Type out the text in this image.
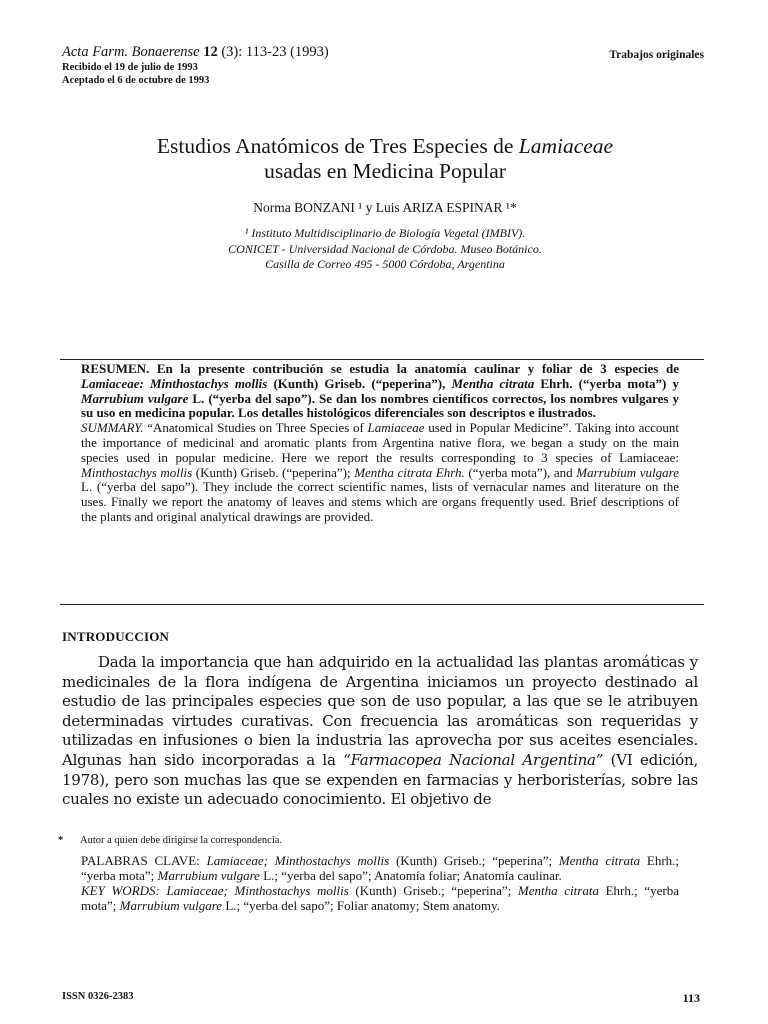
Acta Farm. Bonaerense 12 (3): 113-23 (1993)
Recibido el 19 de julio de 1993
Aceptado el 6 de octubre de 1993
Trabajos originales
Estudios Anatómicos de Tres Especies de Lamiaceae
usadas en Medicina Popular
Norma BONZANI ¹ y Luis ARIZA ESPINAR ¹*
¹ Instituto Multidisciplinario de Biología Vegetal (IMBIV).
CONICET - Universidad Nacional de Córdoba. Museo Botánico.
Casilla de Correo 495 - 5000 Córdoba, Argentina
RESUMEN. En la presente contribución se estudia la anatomía caulinar y foliar de 3 especies de Lamiaceae: Minthostachys mollis (Kunth) Griseb. (“peperina”), Mentha citrata Ehrh. (“yerba mota”) y Marrubium vulgare L. (“yerba del sapo”). Se dan los nombres científicos correctos, los nombres vulgares y su uso en medicina popular. Los detalles histológicos diferenciales son descriptos e ilustrados.
SUMMARY. “Anatomical Studies on Three Species of Lamiaceae used in Popular Medicine”. Taking into account the importance of medicinal and aromatic plants from Argentina native flora, we began a study on the main species used in popular medicine. Here we report the results corresponding to 3 species of Lamiaceae: Minthostachys mollis (Kunth) Griseb. (“peperina”); Mentha citrata Ehrh. (“yerba mota”), and Marrubium vulgare L. (“yerba del sapo”). They include the correct scientific names, lists of vernacular names and literature on the uses. Finally we report the anatomy of leaves and stems which are organs frequently used. Brief descriptions of the plants and original analytical drawings are provided.
INTRODUCCION
Dada la importancia que han adquirido en la actualidad las plantas aromáticas y medicinales de la flora indígena de Argentina iniciamos un proyecto destinado al estudio de las principales especies que son de uso popular, a las que se le atribuyen determinadas virtudes curativas. Con frecuencia las aromáticas son requeridas y utilizadas en infusiones o bien la industria las aprovecha por sus aceites esenciales. Algunas han sido incorporadas a la “Farmacopea Nacional Argentina” (VI edición, 1978), pero son muchas las que se expenden en farmacias y herboristerías, sobre las cuales no existe un adecuado conocimiento. El objetivo de
* Autor a quien debe dirigirse la correspondencia.
PALABRAS CLAVE: Lamiaceae; Minthostachys mollis (Kunth) Griseb.; “peperina”; Mentha citrata Ehrh.; “yerba mota”; Marrubium vulgare L.; “yerba del sapo”; Anatomía foliar; Anatomía caulinar.
KEY WORDS: Lamiaceae; Minthostachys mollis (Kunth) Griseb.; “peperina”; Mentha citrata Ehrh.; “yerba mota”; Marrubium vulgare L.; “yerba del sapo”; Foliar anatomy; Stem anatomy.
ISSN 0326-2383	113
